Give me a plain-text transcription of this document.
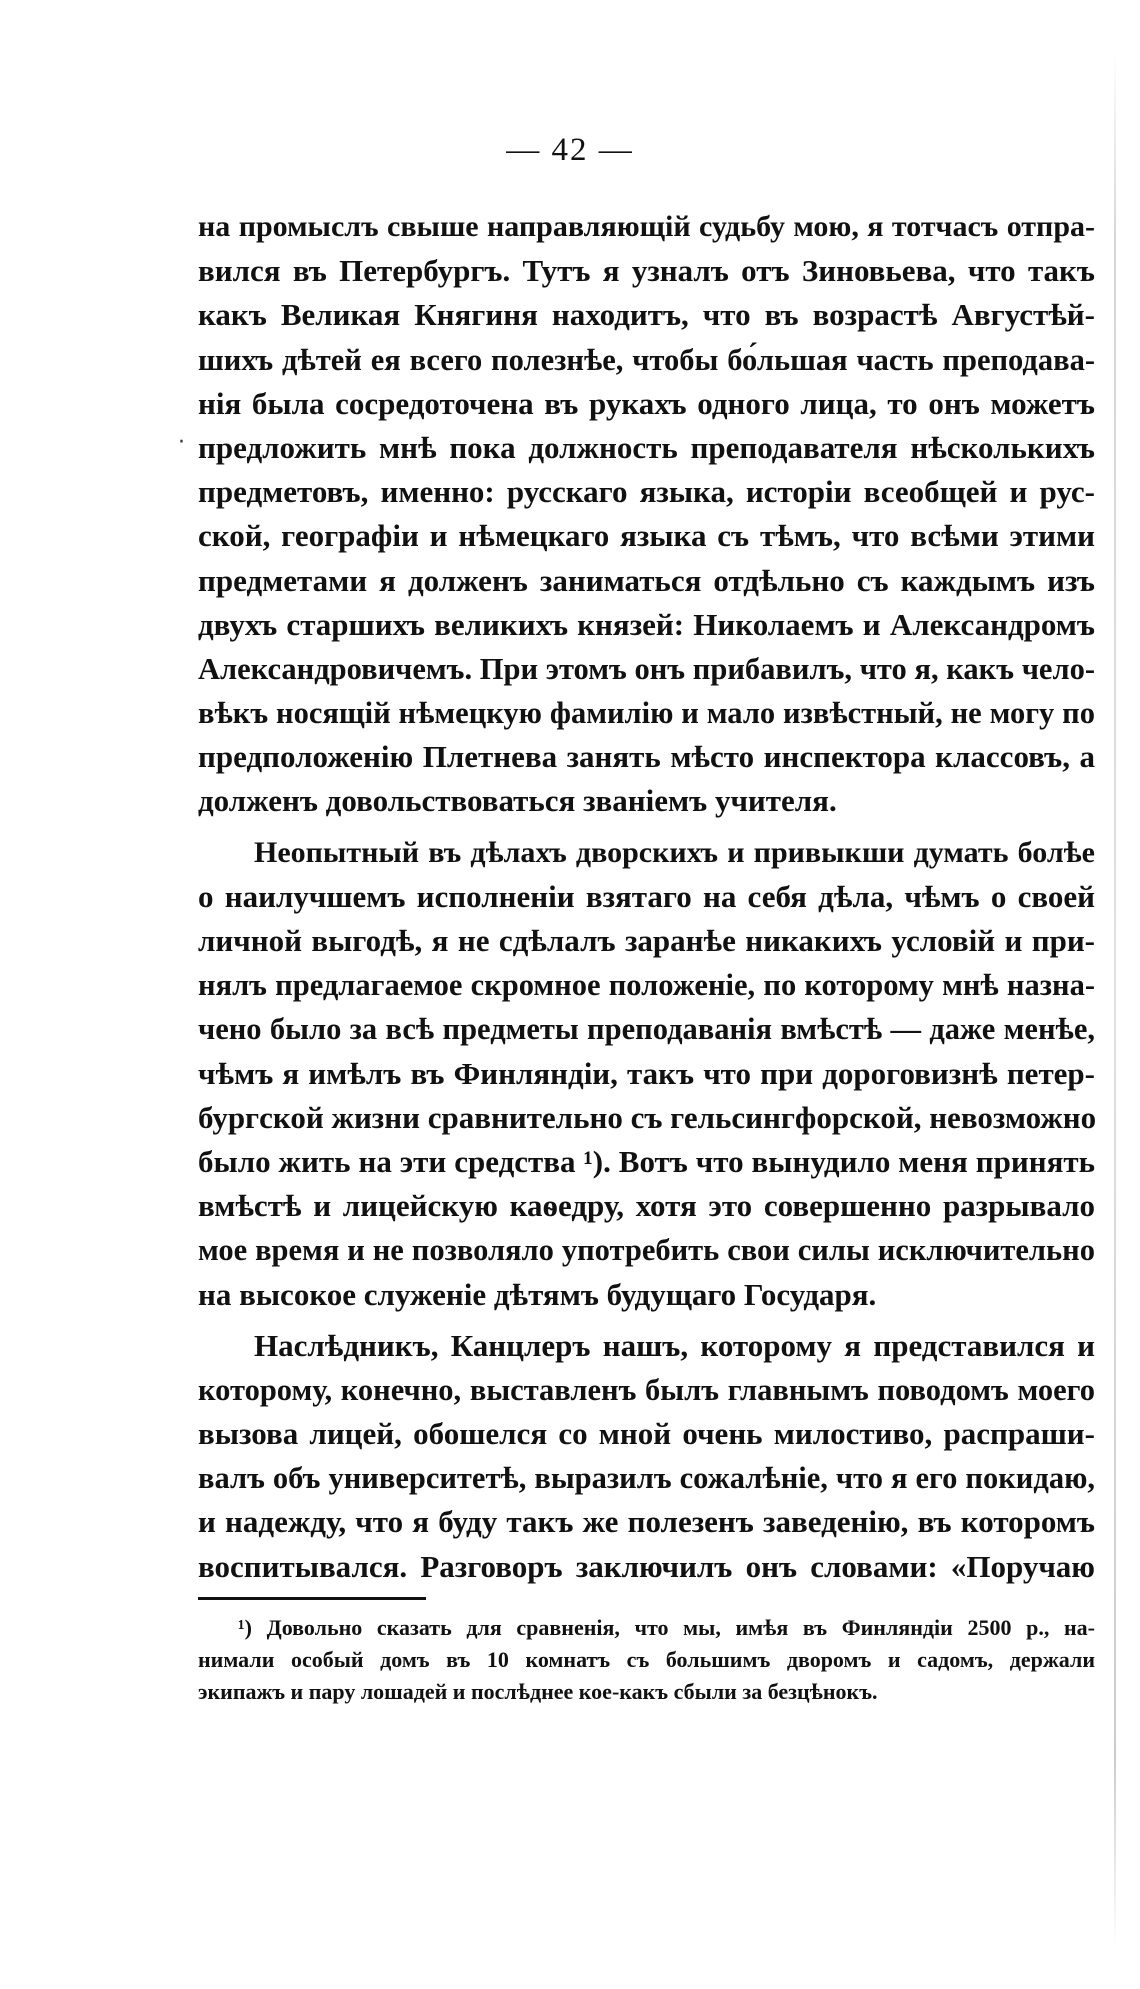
— 42 —
·
на промыслъ свыше направляющій судьбу мою, я тотчасъ отпра-
вился въ Петербургъ. Тутъ я узналъ отъ Зиновьева, что такъ
какъ Великая Княгиня находитъ, что въ возрастѣ Августѣй-
шихъ дѣтей ея всего полезнѣе, чтобы бо́льшая часть преподава-
нія была сосредоточена въ рукахъ одного лица, то онъ можетъ
предложить мнѣ пока должность преподавателя нѣсколькихъ
предметовъ, именно: русскаго языка, исторіи всеобщей и рус-
ской, географіи и нѣмецкаго языка съ тѣмъ, что всѣми этими
предметами я долженъ заниматься отдѣльно съ каждымъ изъ
двухъ старшихъ великихъ князей: Николаемъ и Александромъ
Александровичемъ. При этомъ онъ прибавилъ, что я, какъ чело-
вѣкъ носящій нѣмецкую фамилію и мало извѣстный, не могу по
предположенію Плетнева занять мѣсто инспектора классовъ, а
долженъ довольствоваться званіемъ учителя.
Неопытный въ дѣлахъ дворскихъ и привыкши думать болѣе
о наилучшемъ исполненіи взятаго на себя дѣла, чѣмъ о своей
личной выгодѣ, я не сдѣлалъ заранѣе никакихъ условій и при-
нялъ предлагаемое скромное положеніе, по которому мнѣ назна-
чено было за всѣ предметы преподаванія вмѣстѣ — даже менѣе,
чѣмъ я имѣлъ въ Финляндіи, такъ что при дороговизнѣ петер-
бургской жизни сравнительно съ гельсингфорской, невозможно
было жить на эти средства ¹). Вотъ что вынудило меня принять
вмѣстѣ и лицейскую каѳедру, хотя это совершенно разрывало
мое время и не позволяло употребить свои силы исключительно
на высокое служеніе дѣтямъ будущаго Государя.
Наслѣдникъ, Канцлеръ нашъ, которому я представился и
которому, конечно, выставленъ былъ главнымъ поводомъ моего
вызова лицей, обошелся со мной очень милостиво, распраши-
валъ объ университетѣ, выразилъ сожалѣніе, что я его покидаю,
и надежду, что я буду такъ же полезенъ заведенію, въ которомъ
воспитывался. Разговоръ заключилъ онъ словами: «Поручаю
¹) Довольно сказать для сравненія, что мы, имѣя въ Финляндіи 2500 р., на-
нимали особый домъ въ 10 комнатъ съ большимъ дворомъ и садомъ, держали
экипажъ и пару лошадей и послѣднее кое-какъ сбыли за безцѣнокъ.
